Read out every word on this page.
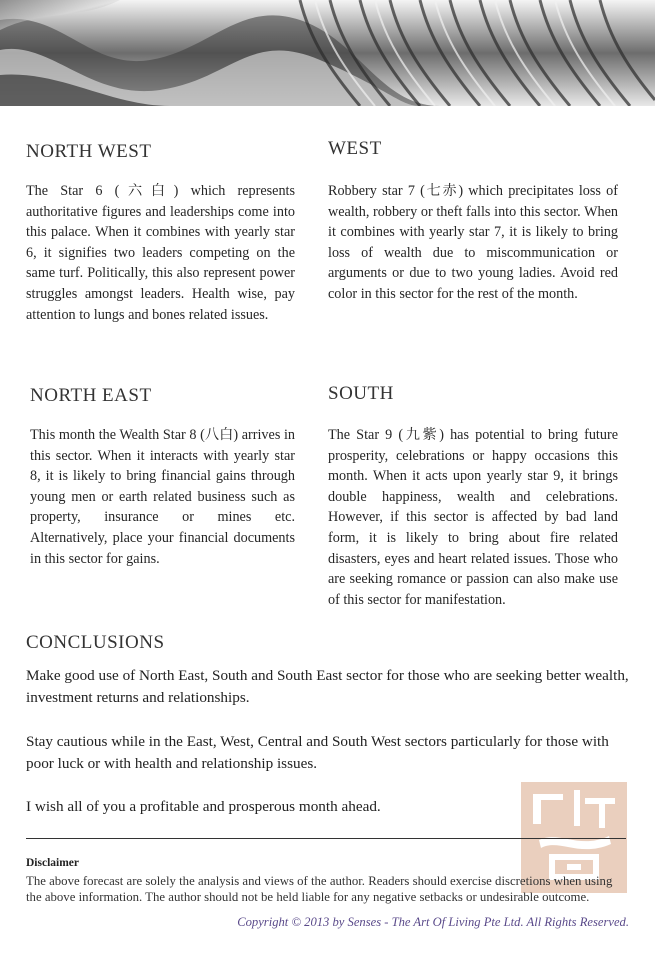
NORTH WEST

The Star 6 (六白) which represents authoritative figures and leaderships come into this palace. When it combines with yearly star 6, it signifies two leaders competing on the same turf. Politically, this also represent power struggles amongst leaders. Health wise, pay attention to lungs and bones related issues.

WEST

Robbery star 7 (七赤) which precipitates loss of wealth, robbery or theft falls into this sector. When it combines with yearly star 7, it is likely to bring loss of wealth due to miscommunication or arguments or due to two young ladies. Avoid red color in this sector for the rest of the month.

NORTH EAST

This month the Wealth Star 8 (八白) arrives in this sector. When it interacts with yearly star 8, it is likely to bring financial gains through young men or earth related business such as property, insurance or mines etc. Alternatively, place your financial documents in this sector for gains.

SOUTH

The Star 9 (九紫) has potential to bring future prosperity, celebrations or happy occasions this month. When it acts upon yearly star 9, it brings double happiness, wealth and celebrations. However, if this sector is affected by bad land form, it is likely to bring about fire related disasters, eyes and heart related issues. Those who are seeking romance or passion can also make use of this sector for manifestation.

CONCLUSIONS

Make good use of North East, South and South East sector for those who are seeking better wealth, investment returns and relationships.

Stay cautious while in the East, West, Central and South West sectors particularly for those with poor luck or with health and relationship issues.

I wish all of you a profitable and prosperous month ahead.

Disclaimer

The above forecast are solely the analysis and views of the author. Readers should exercise discretions when using the above information. The author should not be held liable for any negative setbacks or undesirable outcome.

Copyright © 2013 by Senses - The Art Of Living Pte Ltd. All Rights Reserved.
